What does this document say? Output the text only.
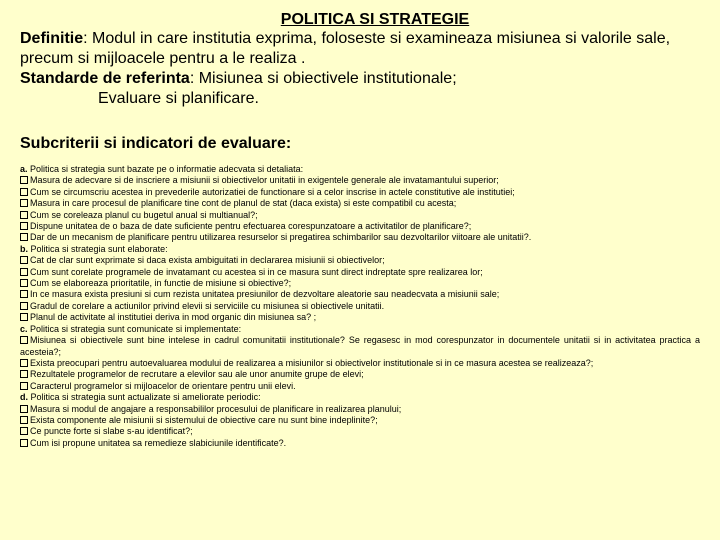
POLITICA SI STRATEGIE

Definitie: Modul in care institutia exprima, foloseste si examineaza misiunea si valorile sale, precum si mijloacele pentru a le realiza .

Standarde de referinta: Misiunea si obiectivele institutionale;

Evaluare si planificare.

Subcriterii si indicatori de evaluare:

a. Politica si strategia sunt bazate pe o informatie adecvata si detaliata:

Masura de adecvare si de inscriere a misiunii si obiectivelor unitatii in exigentele generale ale invatamantului superior;

Cum se circumscriu acestea in prevederile autorizatiei de functionare si a celor inscrise in actele constitutive ale institutiei;

Masura in care procesul de planificare tine cont de planul de stat (daca exista) si este compatibil cu acesta;

Cum se coreleaza planul cu bugetul anual si multianual?;

Dispune unitatea de o baza de date suficiente pentru efectuarea corespunzatoare a activitatilor de planificare?;

Dar de un mecanism de planificare pentru utilizarea resurselor si pregatirea schimbarilor sau dezvoltarilor viitoare ale unitatii?.

b. Politica si strategia sunt elaborate:

Cat de clar sunt exprimate si daca exista ambiguitati in declararea misiunii si obiectivelor;

Cum sunt corelate programele de invatamant cu acestea si in ce masura sunt direct indreptate spre realizarea lor;

Cum se elaboreaza prioritatile, in functie de misiune si obiective?;

In ce masura exista presiuni si cum rezista unitatea presiunilor de dezvoltare aleatorie sau neadecvata a misiunii sale;

Gradul de corelare a actiunilor privind elevii si serviciile cu misiunea si obiectivele unitatii.

Planul de activitate al institutiei deriva in mod organic din misiunea sa? ;

c. Politica si strategia sunt comunicate si implementate:

Misiunea si obiectivele sunt bine intelese in cadrul comunitatii institutionale? Se regasesc in mod corespunzator in documentele unitatii si in activitatea practica a acesteia?;

Exista preocupari pentru autoevaluarea modului de realizarea a misiunilor si obiectivelor institutionale si in ce masura acestea se realizeaza?;

Rezultatele programelor de recrutare a elevilor sau ale unor anumite grupe de elevi;

Caracterul programelor si mijloacelor de orientare pentru unii elevi.

d. Politica si strategia sunt actualizate si ameliorate periodic:

Masura si modul de angajare a responsabililor procesului de planificare in realizarea planului;

Exista componente ale misiunii si sistemului de obiective care nu sunt bine indeplinite?;

Ce puncte forte si slabe s-au identificat?;

Cum isi propune unitatea sa remedieze slabiciunile identificate?.
